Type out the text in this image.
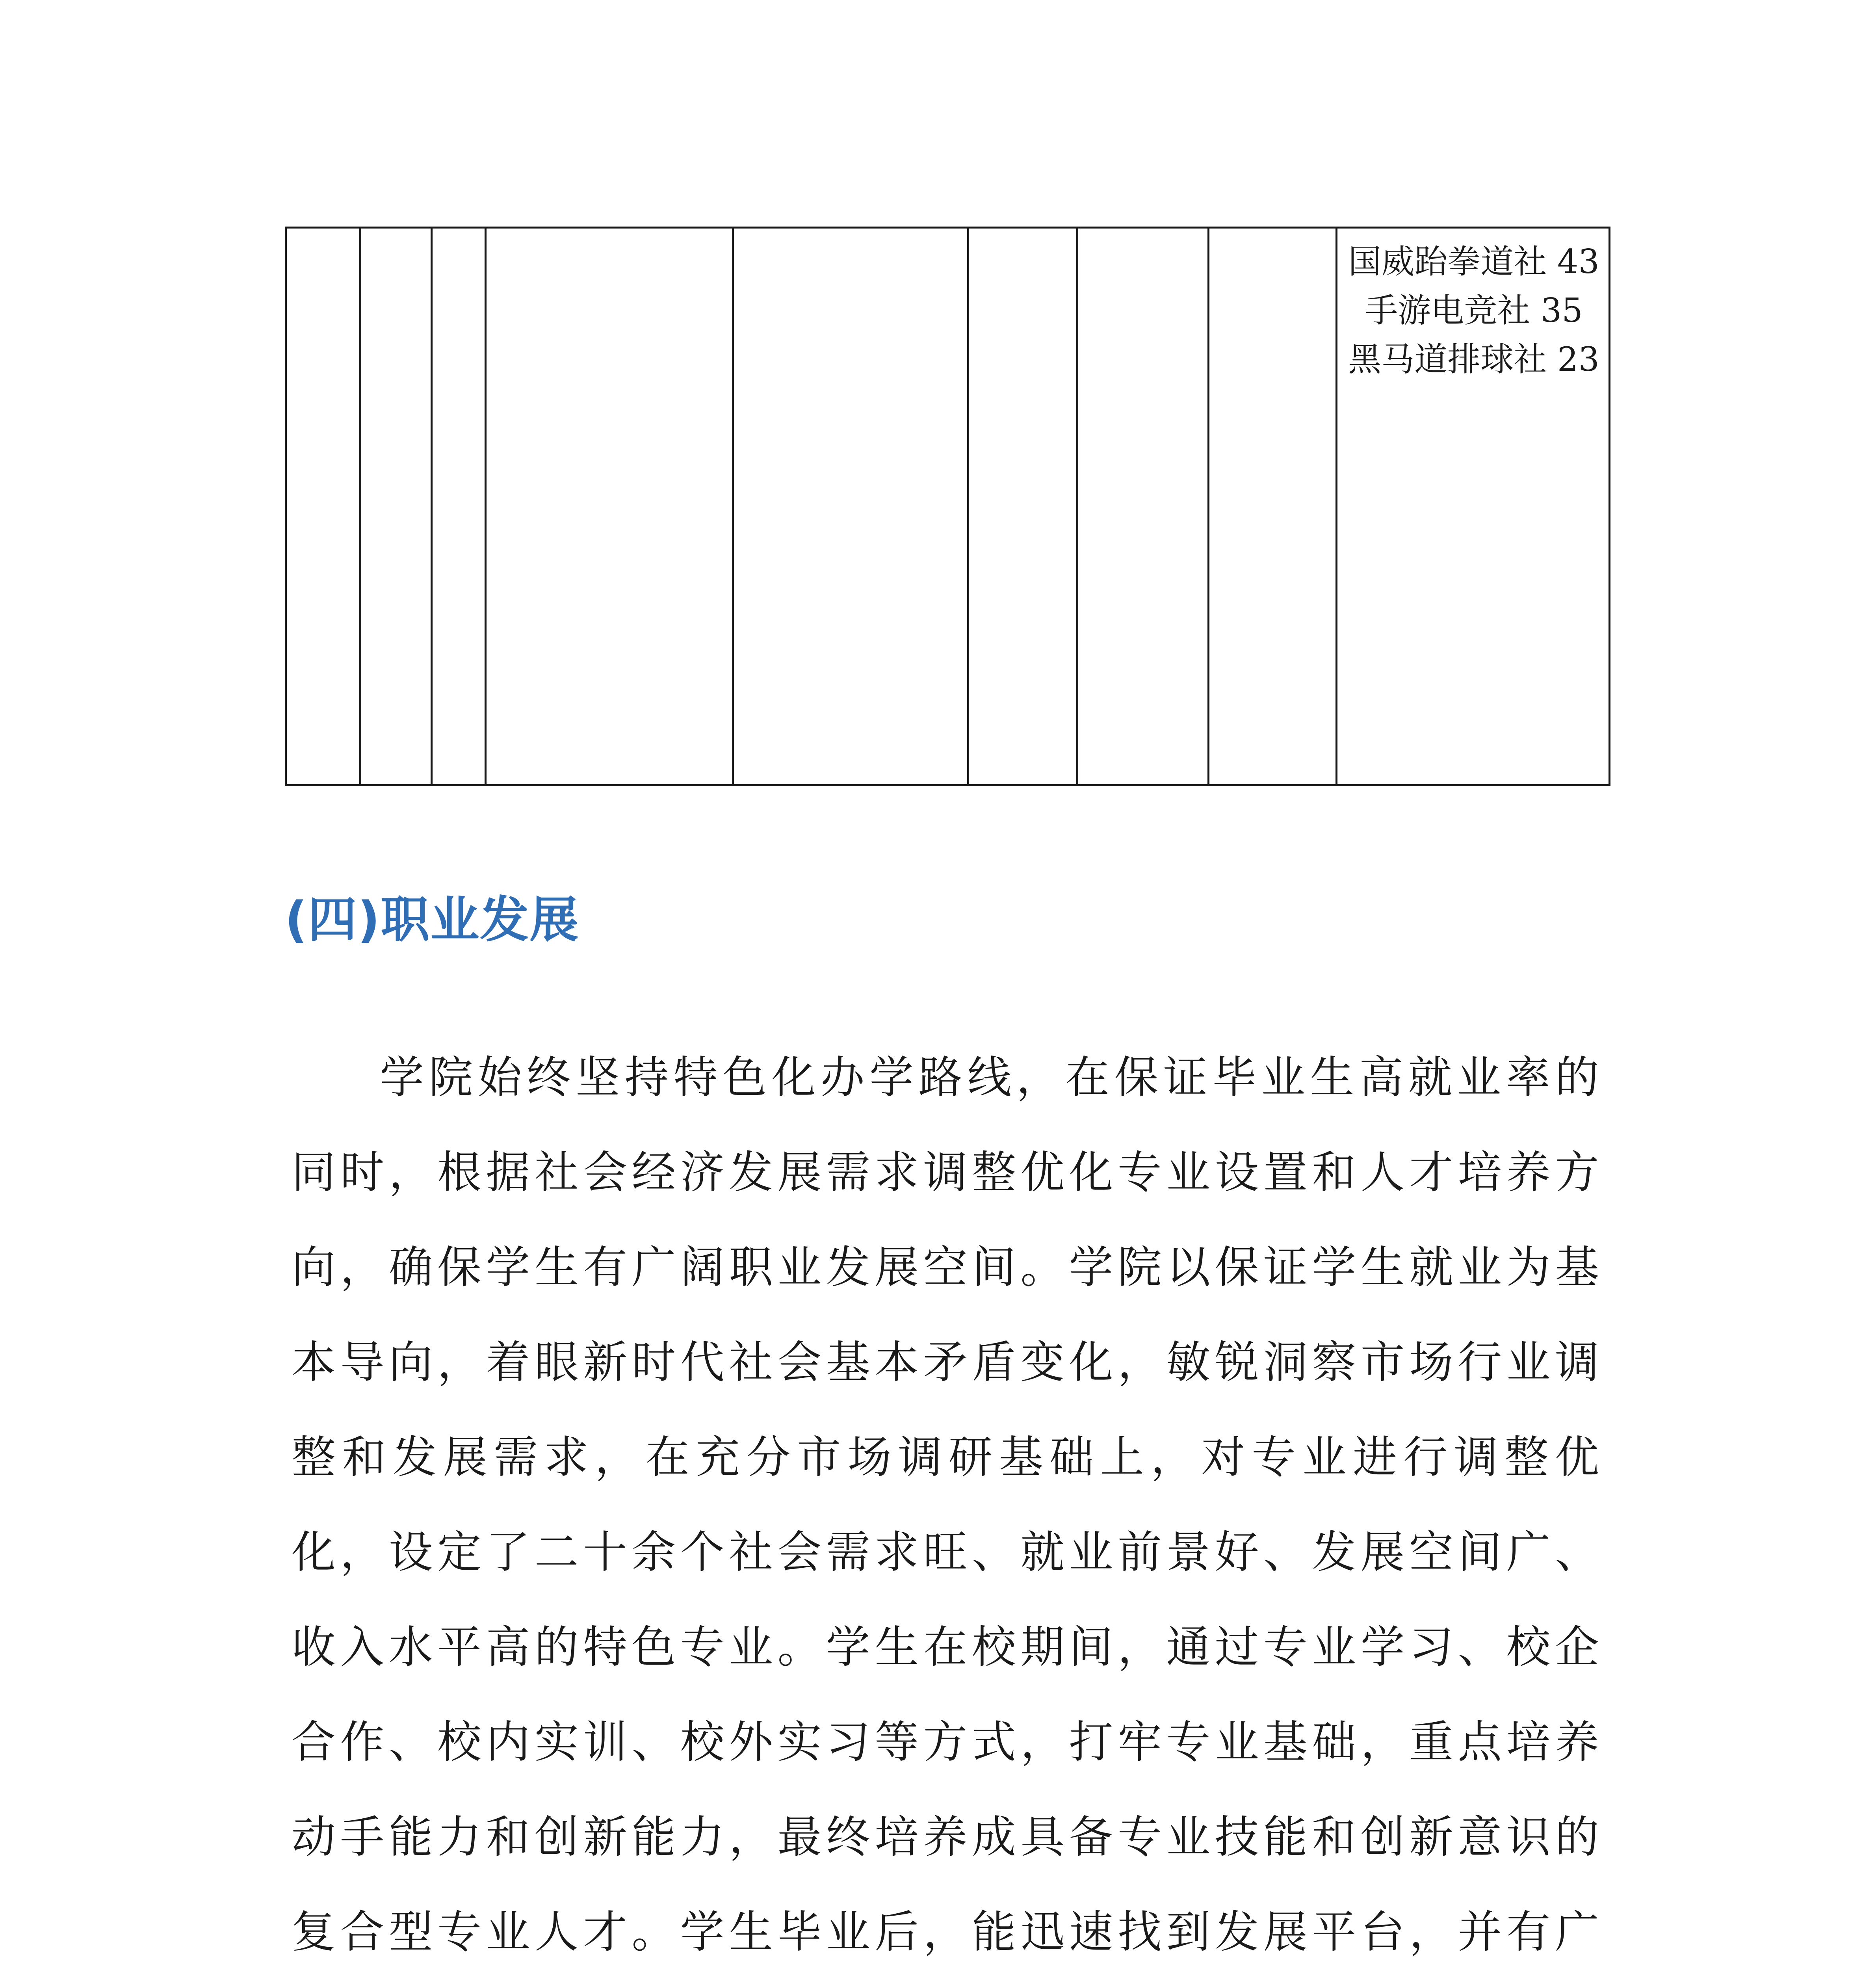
国威跆拳道社 43
手游电竞社 35
黑马道排球社 23
(四)职业发展

学院始终坚持特色化办学路线，在保证毕业生高就业率的同时，根据社会经济发展需求调整优化专业设置和人才培养方向，确保学生有广阔职业发展空间。学院以保证学生就业为基本导向，着眼新时代社会基本矛盾变化，敏锐洞察市场行业调整和发展需求，在充分市场调研基础上，对专业进行调整优化，设定了二十余个社会需求旺、就业前景好、发展空间广、收入水平高的特色专业。学生在校期间，通过专业学习、校企合作、校内实训、校外实习等方式，打牢专业基础，重点培养动手能力和创新能力，最终培养成具备专业技能和创新意识的复合型专业人才。学生毕业后，能迅速找到发展平台，并有广
